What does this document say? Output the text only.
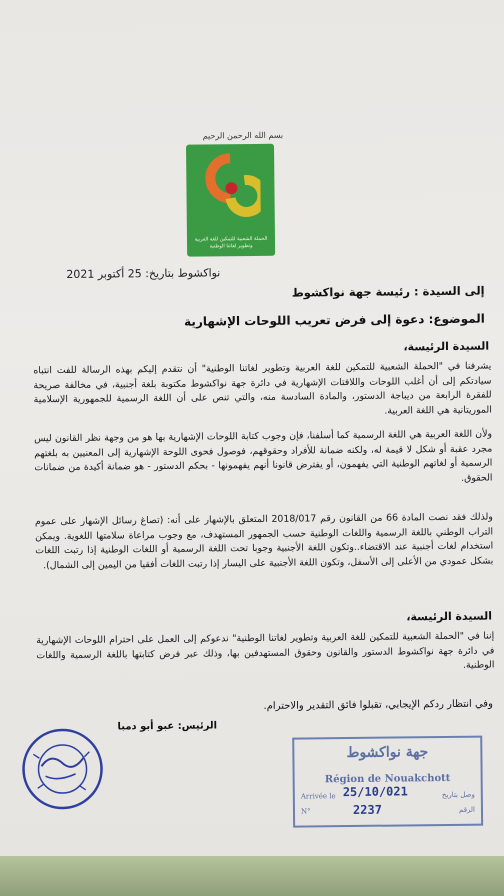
بسم الله الرحمن الرحيم
الحملة الشعبية للتمكين للغة العربية وتطوير لغاتنا الوطنية
نواكشوط بتاريخ: 25 أكتوبر 2021
إلى السيدة : رئيسة جهة نواكشوط
الموضوع: دعوة إلى فرض تعريب اللوحات الإشهارية
السيدة الرئيسة،
يشرفنا في "الحملة الشعبية للتمكين للغة العربية وتطوير لغاتنا الوطنية" أن نتقدم إليكم بهذه الرسالة للفت انتباه سيادتكم إلى أن أغلب اللوحات واللافتات الإشهارية في دائرة جهة نواكشوط مكتوبة بلغة أجنبية، في مخالفة صريحة للفقرة الرابعة من ديباجة الدستور، والمادة السادسة منه، والتي تنص على أن اللغة الرسمية للجمهورية الإسلامية الموريتانية هي اللغة العربية.
ولأن اللغة العربية هي اللغة الرسمية كما أسلفنا، فإن وجوب كتابة اللوحات الإشهارية بها هو من وجهة نظر القانون ليس مجرد عقبة أو شكل لا قيمة له، ولكنه ضمانة للأفراد وحقوقهم، فوصول فحوى اللوحة الإشهارية إلى المعنيين به بلغتهم الرسمية أو لغاتهم الوطنية التي يفهمون، أو يفترض قانونا أنهم يفهمونها - بحكم الدستور - هو ضمانة أكيدة من ضمانات الحقوق.
ولذلك فقد نصت المادة 66 من القانون رقم 2018/017 المتعلق بالإشهار على أنه: (تصاغ رسائل الإشهار على عموم التراب الوطني باللغة الرسمية واللغات الوطنية حسب الجمهور المستهدف، مع وجوب مراعاة سلامتها اللغوية. ويمكن استخدام لغات أجنبية عند الاقتضاء..وتكون اللغة الأجنبية وجوبا تحت اللغة الرسمية أو اللغات الوطنية إذا رتبت اللغات بشكل عمودي من الأعلى إلى الأسفل، وتكون اللغة الأجنبية على اليسار إذا رتبت اللغات أفقيا من اليمين إلى الشمال).
السيدة الرئيسة،
إننا في "الحملة الشعبية للتمكين للغة العربية وتطوير لغاتنا الوطنية" ندعوكم إلى العمل على احترام اللوحات الإشهارية في دائرة جهة نواكشوط الدستور والقانون وحقوق المستهدفين بها، وذلك عبر فرض كتابتها باللغة الرسمية واللغات الوطنية.
وفي انتظار ردكم الإيجابي، تقبلوا فائق التقدير والاحترام.
الرئيس: عبو أبو دمبا
جهة نواكشوط
Région de Nouakchott
Arrivée le	وصل بتاريخ
N°	الرقم
25/10/021
2237
